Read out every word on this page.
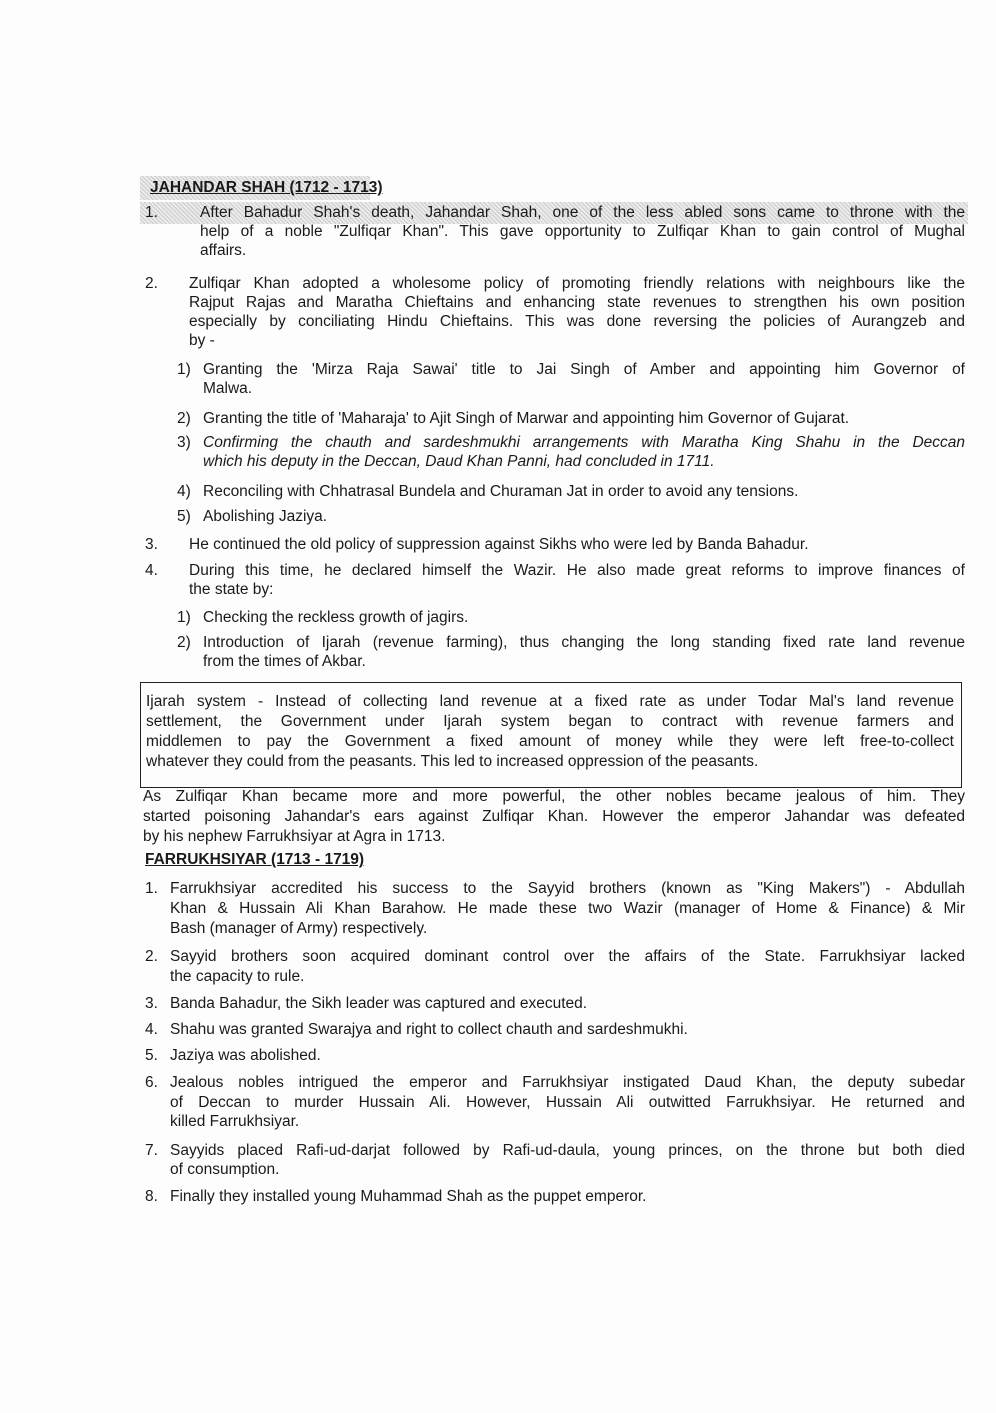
JAHANDAR SHAH (1712 - 1713)
1.	After Bahadur Shah's death, Jahandar Shah, one of the less abled sons came to throne with the
help of a noble "Zulfiqar Khan". This gave opportunity to Zulfiqar Khan to gain control of Mughal
affairs.
2. Zulfiqar Khan adopted a wholesome policy of promoting friendly relations with neighbours like the
Rajput Rajas and Maratha Chieftains and enhancing state revenues to strengthen his own position
especially by conciliating Hindu Chieftains. This was done reversing the policies of Aurangzeb and
by -
1) Granting the 'Mirza Raja Sawai' title to Jai Singh of Amber and appointing him Governor of
Malwa.
2) Granting the title of 'Maharaja' to Ajit Singh of Marwar and appointing him Governor of Gujarat.
3) Confirming the chauth and sardeshmukhi arrangements with Maratha King Shahu in the Deccan
which his deputy in the Deccan, Daud Khan Panni, had concluded in 1711.
4) Reconciling with Chhatrasal Bundela and Churaman Jat in order to avoid any tensions.
5) Abolishing Jaziya.
3. He continued the old policy of suppression against Sikhs who were led by Banda Bahadur.
4. During this time, he declared himself the Wazir. He also made great reforms to improve finances of
the state by:
1) Checking the reckless growth of jagirs.
2) Introduction of Ijarah (revenue farming), thus changing the long standing fixed rate land revenue
from the times of Akbar.
Ijarah system - Instead of collecting land revenue at a fixed rate as under Todar Mal's land revenue
settlement, the Government under Ijarah system began to contract with revenue farmers and
middlemen to pay the Government a fixed amount of money while they were left free-to-collect
whatever they could from the peasants. This led to increased oppression of the peasants.
As Zulfiqar Khan became more and more powerful, the other nobles became jealous of him. They
started poisoning Jahandar's ears against Zulfiqar Khan. However the emperor Jahandar was defeated
by his nephew Farrukhsiyar at Agra in 1713.
FARRUKHSIYAR (1713 - 1719)
1. Farrukhsiyar accredited his success to the Sayyid brothers (known as "King Makers") - Abdullah
Khan & Hussain Ali Khan Barahow. He made these two Wazir (manager of Home & Finance) & Mir
Bash (manager of Army) respectively.
2. Sayyid brothers soon acquired dominant control over the affairs of the State. Farrukhsiyar lacked
the capacity to rule.
3. Banda Bahadur, the Sikh leader was captured and executed.
4. Shahu was granted Swarajya and right to collect chauth and sardeshmukhi.
5. Jaziya was abolished.
6. Jealous nobles intrigued the emperor and Farrukhsiyar instigated Daud Khan, the deputy subedar
of Deccan to murder Hussain Ali. However, Hussain Ali outwitted Farrukhsiyar. He returned and
killed Farrukhsiyar.
7. Sayyids placed Rafi-ud-darjat followed by Rafi-ud-daula, young princes, on the throne but both died
of consumption.
8. Finally they installed young Muhammad Shah as the puppet emperor.
